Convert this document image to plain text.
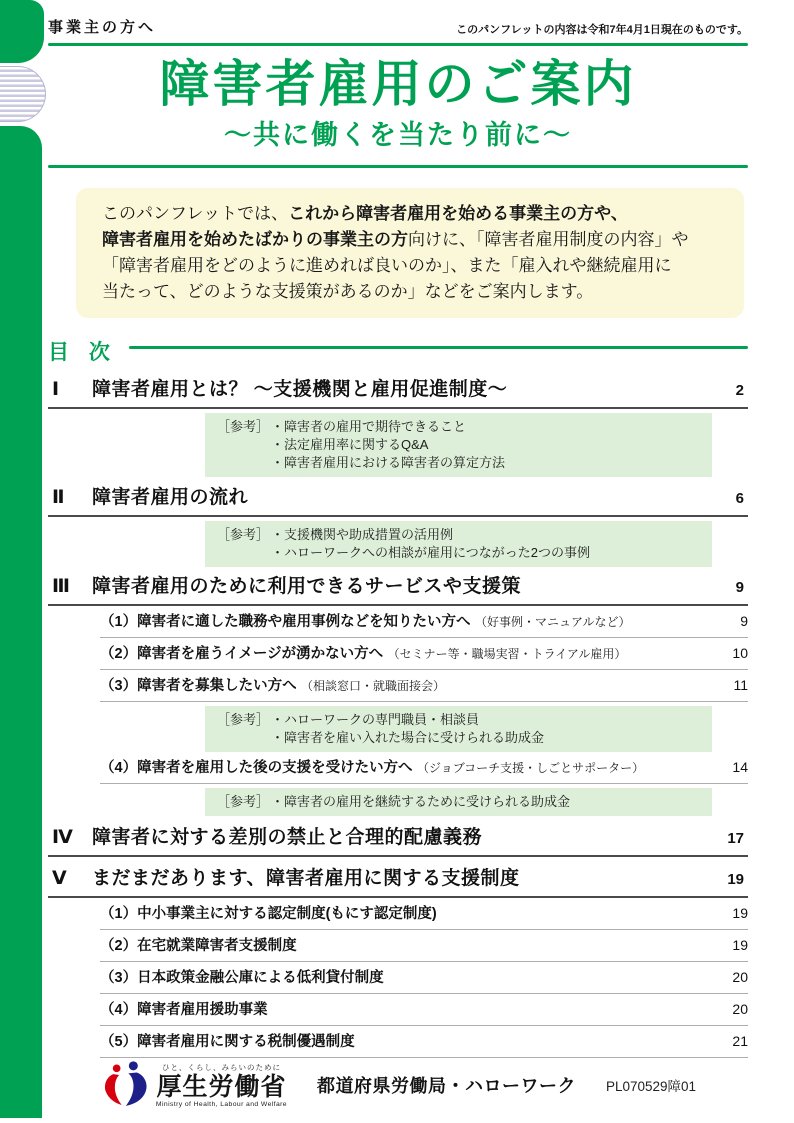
事業主の方へ	このパンフレットの内容は令和7年4月1日現在のものです。
障害者雇用のご案内
～共に働くを当たり前に～
このパンフレットでは、これから障害者雇用を始める事業主の方や、
障害者雇用を始めたばかりの事業主の方向けに、「障害者雇用制度の内容」や
「障害者雇用をどのように進めれば良いのか」、また「雇入れや継続雇用に
当たって、どのような支援策があるのか」などをご案内します。
目 次
Ⅰ	障害者雇用とは？ ～支援機関と雇用促進制度～	2
［参考］ ・障害者の雇用で期待できること
・法定雇用率に関するQ&A
・障害者雇用における障害者の算定方法
Ⅱ	障害者雇用の流れ	6
［参考］ ・支援機関や助成措置の活用例
・ハローワークへの相談が雇用につながった2つの事例
Ⅲ	障害者雇用のために利用できるサービスや支援策	9
（1）障害者に適した職務や雇用事例などを知りたい方へ （好事例・マニュアルなど）	9
（2）障害者を雇うイメージが湧かない方へ （セミナー等・職場実習・トライアル雇用）	10
（3）障害者を募集したい方へ （相談窓口・就職面接会）	11
［参考］ ・ハローワークの専門職員・相談員
・障害者を雇い入れた場合に受けられる助成金
（4）障害者を雇用した後の支援を受けたい方へ （ジョブコーチ支援・しごとサポーター）	14
［参考］ ・障害者の雇用を継続するために受けられる助成金
Ⅳ	障害者に対する差別の禁止と合理的配慮義務	17
Ⅴ	まだまだあります、障害者雇用に関する支援制度	19
（1）中小事業主に対する認定制度(もにす認定制度)	19
（2）在宅就業障害者支援制度	19
（3）日本政策金融公庫による低利貸付制度	20
（4）障害者雇用援助事業	20
（5）障害者雇用に関する税制優遇制度	21
ひと、くらし、みらいのために
厚生労働省
Ministry of Health, Labour and Welfare
都道府県労働局・ハローワーク PL070529障01
